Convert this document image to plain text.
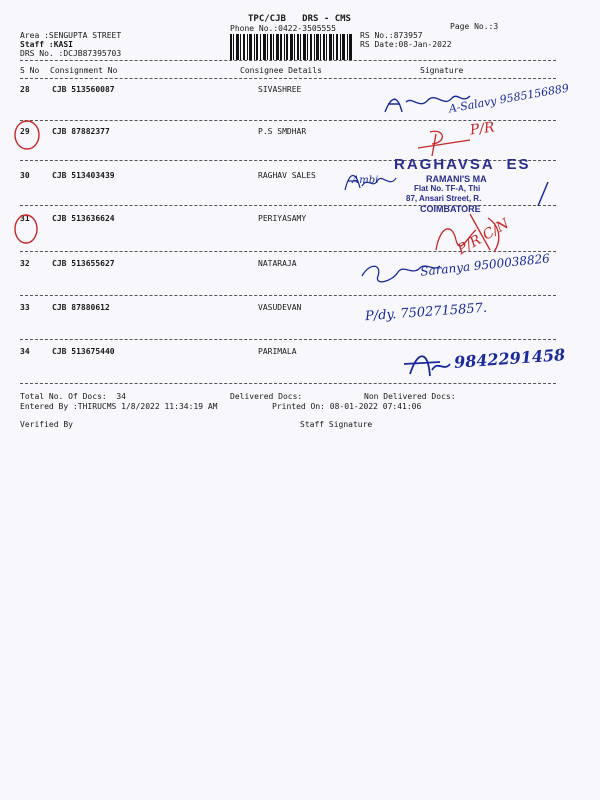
TPC/CJB   DRS - CMS
Phone No.:0422-3505555	Page No.:3
Area :SENGUPTA STREET
Staff :KASI
DRS No. :DCJB87395703
RS No.:873957
RS Date:08-Jan-2022
S No Consignment No	Consignee Details	Signature
28	CJB 513560087	SIVASHREE
29	CJB 87882377	P.S SMDHAR
30	CJB 513403439	RAGHAV SALES
31	CJB 513636624	PERIYASAMY
32	CJB 513655627	NATARAJA
33	CJB 87880612	VASUDEVAN
34	CJB 513675440	PARIMALA
Total No. Of Docs:  34	Delivered Docs:	Non Delivered Docs:
Entered By :THIRUCMS 1/8/2022 11:34:19 AM	Printed On: 08-01-2022 07:41:06
Verified By	Staff Signature
A-Salavy 9585156889
P/R
Ambi
P/R C/N
Saranya 9500038826
P/dy. 7502715857.
9842291458
RAGHAVSA  ES
RAMANI'S MA
Flat No. TF-A, Thi
87, Ansari Street, R.
COIMBATORE
